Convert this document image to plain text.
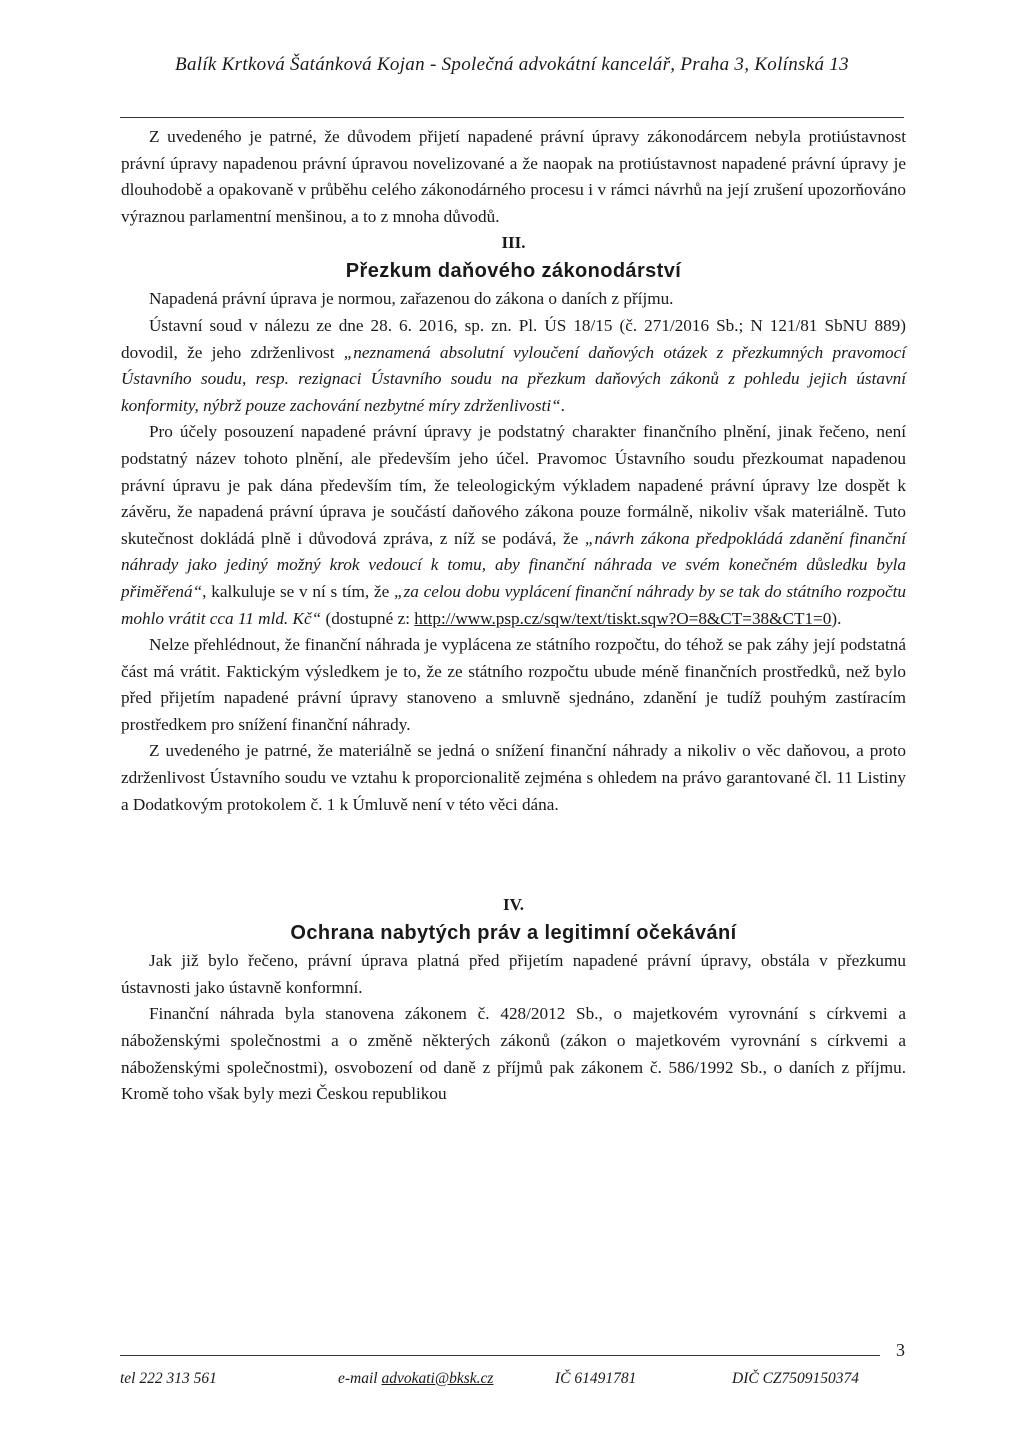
Balík Krtková Šatánková Kojan - Společná advokátní kancelář, Praha 3, Kolínská 13

Z uvedeného je patrné, že důvodem přijetí napadené právní úpravy zákonodárcem nebyla protiústavnost právní úpravy napadenou právní úpravou novelizované a že naopak na protiústavnost napadené právní úpravy je dlouhodobě a opakovaně v průběhu celého zákonodárného procesu i v rámci návrhů na její zrušení upozorňováno výraznou parlamentní menšinou, a to z mnoha důvodů.

III.
Přezkum daňového zákonodárství

Napadená právní úprava je normou, zařazenou do zákona o daních z příjmu.

Ústavní soud v nálezu ze dne 28. 6. 2016, sp. zn. Pl. ÚS 18/15 (č. 271/2016 Sb.; N 121/81 SbNU 889) dovodil, že jeho zdrženlivost „neznamená absolutní vyloučení daňových otázek z přezkumných pravomocí Ústavního soudu, resp. rezignaci Ústavního soudu na přezkum daňových zákonů z pohledu jejich ústavní konformity, nýbrž pouze zachování nezbytné míry zdrženlivosti“.

Pro účely posouzení napadené právní úpravy je podstatný charakter finančního plnění, jinak řečeno, není podstatný název tohoto plnění, ale především jeho účel. Pravomoc Ústavního soudu přezkoumat napadenou právní úpravu je pak dána především tím, že teleologickým výkladem napadené právní úpravy lze dospět k závěru, že napadená právní úprava je součástí daňového zákona pouze formálně, nikoliv však materiálně. Tuto skutečnost dokládá plně i důvodová zpráva, z níž se podává, že „návrh zákona předpokládá zdanění finanční náhrady jako jediný možný krok vedoucí k tomu, aby finanční náhrada ve svém konečném důsledku byla přiměřená“, kalkuluje se v ní s tím, že „za celou dobu vyplácení finanční náhrady by se tak do státního rozpočtu mohlo vrátit cca 11 mld. Kč“ (dostupné z: http://www.psp.cz/sqw/text/tiskt.sqw?O=8&CT=38&CT1=0).

Nelze přehlédnout, že finanční náhrada je vyplácena ze státního rozpočtu, do téhož se pak záhy její podstatná část má vrátit. Faktickým výsledkem je to, že ze státního rozpočtu ubude méně finančních prostředků, než bylo před přijetím napadené právní úpravy stanoveno a smluvně sjednáno, zdanění je tudíž pouhým zastíracím prostředkem pro snížení finanční náhrady.

Z uvedeného je patrné, že materiálně se jedná o snížení finanční náhrady a nikoliv o věc daňovou, a proto zdrženlivost Ústavního soudu ve vztahu k proporcionalitě zejména s ohledem na právo garantované čl. 11 Listiny a Dodatkovým protokolem č. 1 k Úmluvě není v této věci dána.

IV.
Ochrana nabytých práv a legitimní očekávání

Jak již bylo řečeno, právní úprava platná před přijetím napadené právní úpravy, obstála v přezkumu ústavnosti jako ústavně konformní.

Finanční náhrada byla stanovena zákonem č. 428/2012 Sb., o majetkovém vyrovnání s církvemi a náboženskými společnostmi a o změně některých zákonů (zákon o majetkovém vyrovnání s církvemi a náboženskými společnostmi), osvobození od daně z příjmů pak zákonem č. 586/1992 Sb., o daních z příjmu. Kromě toho však byly mezi Českou republikou

3
tel 222 313 561	e-mail advokati@bksk.cz	IČ 61491781	DIČ CZ7509150374
